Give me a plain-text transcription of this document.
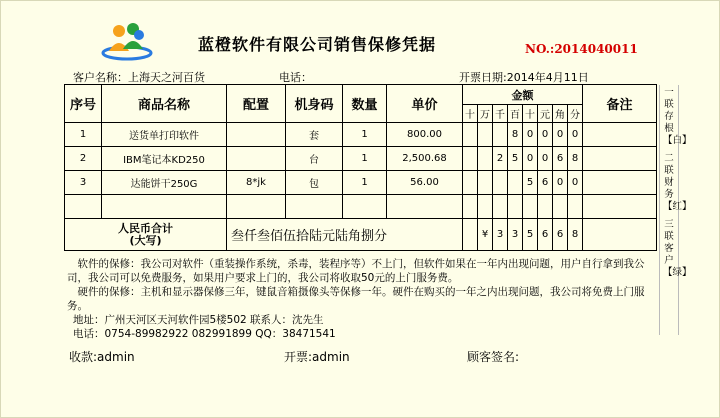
蓝橙软件有限公司销售保修凭据	NO.:2014040011
客户名称：上海天之河百货	电话：	开票日期:2014年4月11日
序号	商品名称	配置	机身码	数量	单价	金额								备注
						十	万	千	百	十	元	角	分	
1	送货单打印软件		套	1	800.00				8	0	0	0	0	
2	IBM笔记本KD250		台	1	2,500.68			2	5	0	0	6	8	
3	达能饼干250G	8*jk	包	1	56.00					5	6	0	0	

人民币合计
(大写)		叁仟叁佰伍拾陆元陆角捌分					¥	3	3	5	6	6	8	

软件的保修：我公司对软件（重装操作系统，杀毒，装程序等）不上门，但软件如果在一年内出现问题，用户自行拿到我公司，我公司可以免费服务，如果用户要求上门的，我公司将收取50元的上门服务费。

硬件的保修：主机和显示器保修三年，键鼠音箱摄像头等保修一年。硬件在购买的一年之内出现问题，我公司将免费上门服务。

地址：广州天河区天河软件园5楼502 联系人：沈先生

电话：0754-89982922 082991899 QQ：38471541

收款:admin	开票:admin	顾客签名:
一联存根【白】
二联财务【红】
三联客户【绿】
